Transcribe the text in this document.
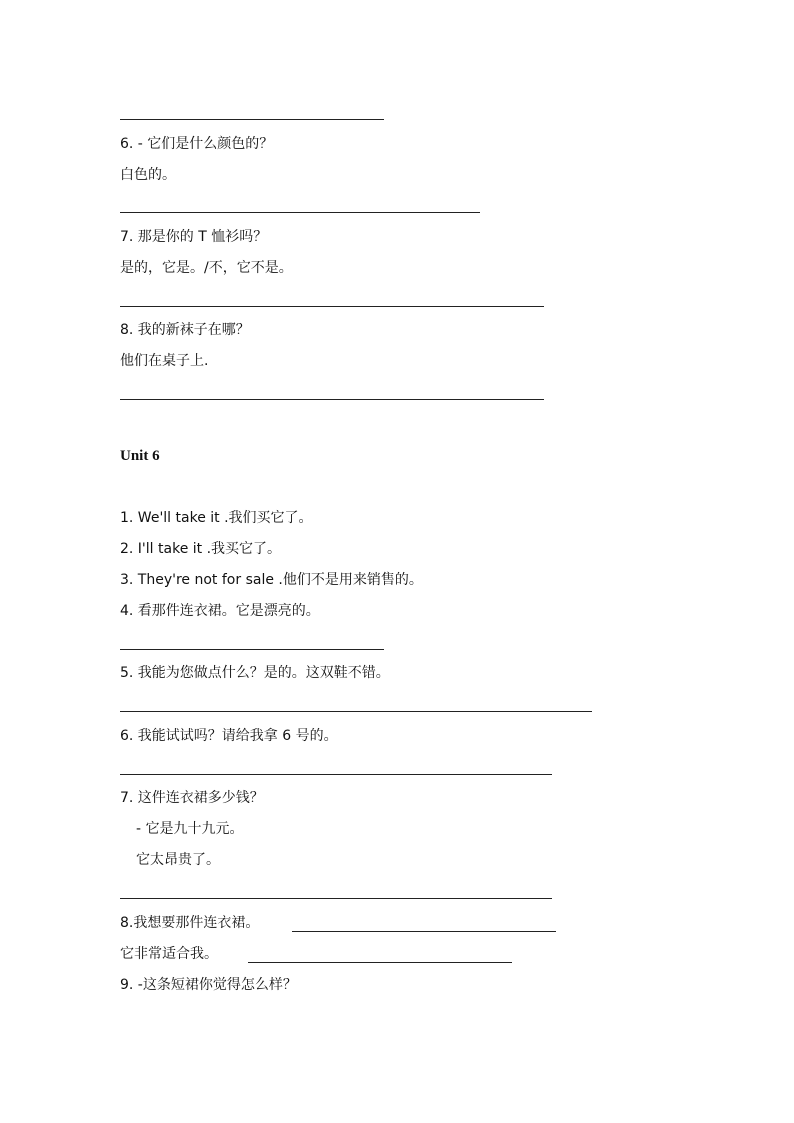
6. - 它们是什么颜色的？
白色的。
7. 那是你的 T 恤衫吗？
是的，它是。/不，它不是。
8. 我的新袜子在哪？
他们在桌子上.
Unit 6
1. We'll take it .我们买它了。
2. I'll take it .我买它了。
3. They're not for sale .他们不是用来销售的。
4. 看那件连衣裙。它是漂亮的。
5. 我能为您做点什么？是的。这双鞋不错。
6. 我能试试吗？请给我拿 6 号的。
7. 这件连衣裙多少钱？
- 它是九十九元。
它太昂贵了。
8.我想要那件连衣裙。
它非常适合我。
9. -这条短裙你觉得怎么样？
